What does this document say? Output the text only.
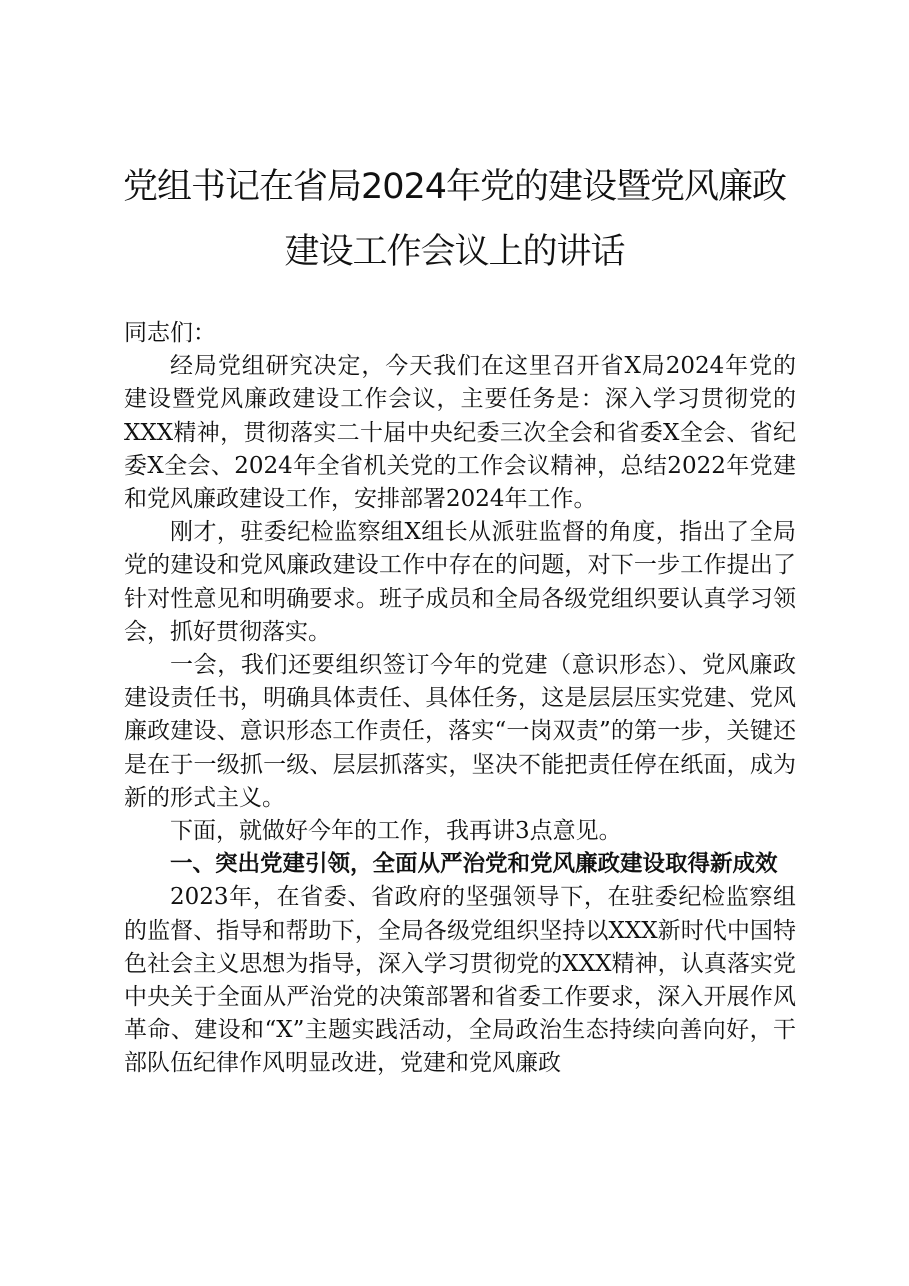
党组书记在省局2024年党的建设暨党风廉政
建设工作会议上的讲话

同志们：

经局党组研究决定，今天我们在这里召开省X局2024年党的建设暨党风廉政建设工作会议，主要任务是：深入学习贯彻党的XXX精神，贯彻落实二十届中央纪委三次全会和省委X全会、省纪委X全会、2024年全省机关党的工作会议精神，总结2022年党建和党风廉政建设工作，安排部署2024年工作。

刚才，驻委纪检监察组X组长从派驻监督的角度，指出了全局党的建设和党风廉政建设工作中存在的问题，对下一步工作提出了针对性意见和明确要求。班子成员和全局各级党组织要认真学习领会，抓好贯彻落实。

一会，我们还要组织签订今年的党建（意识形态）、党风廉政建设责任书，明确具体责任、具体任务，这是层层压实党建、党风廉政建设、意识形态工作责任，落实“一岗双责”的第一步，关键还是在于一级抓一级、层层抓落实，坚决不能把责任停在纸面，成为新的形式主义。

下面，就做好今年的工作，我再讲3点意见。

一、突出党建引领，全面从严治党和党风廉政建设取得新成效

2023年，在省委、省政府的坚强领导下，在驻委纪检监察组的监督、指导和帮助下，全局各级党组织坚持以XXX新时代中国特色社会主义思想为指导，深入学习贯彻党的XXX精神，认真落实党中央关于全面从严治党的决策部署和省委工作要求，深入开展作风革命、建设和“X”主题实践活动，全局政治生态持续向善向好，干部队伍纪律作风明显改进，党建和党风廉政
